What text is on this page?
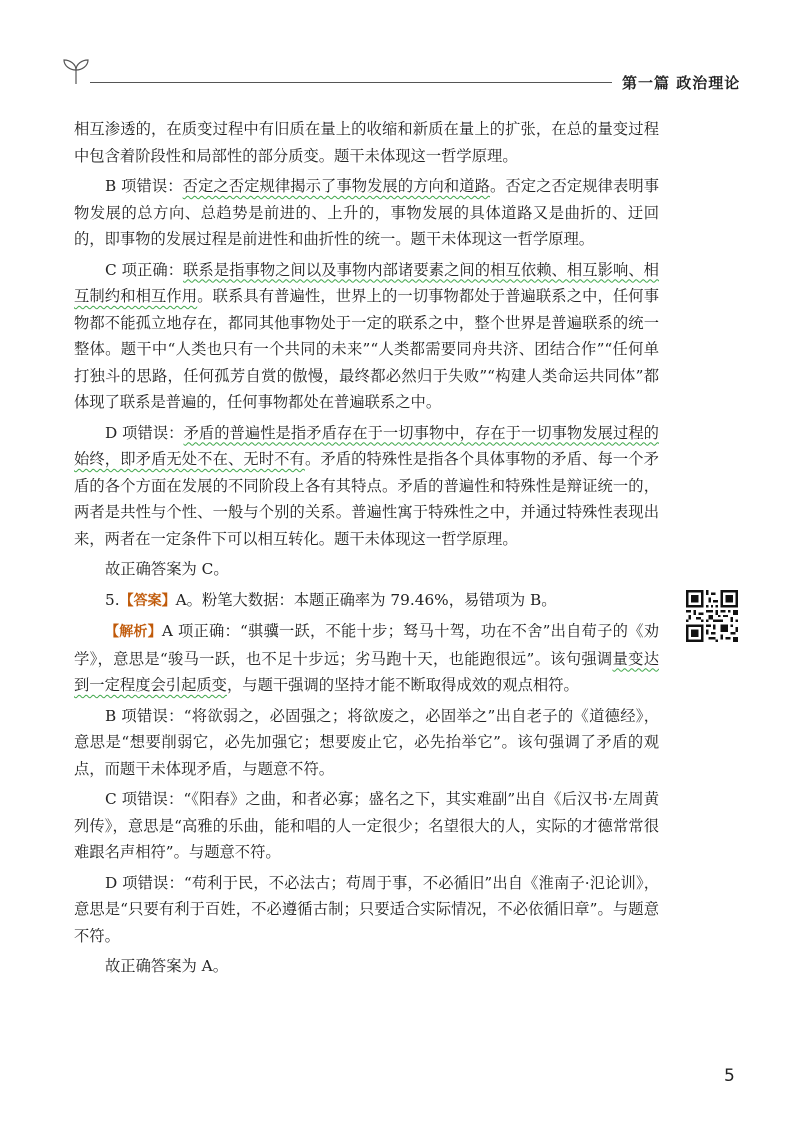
第一篇 政治理论

相互渗透的，在质变过程中有旧质在量上的收缩和新质在量上的扩张，在总的量变过程中包含着阶段性和局部性的部分质变。题干未体现这一哲学原理。

B 项错误：否定之否定规律揭示了事物发展的方向和道路。否定之否定规律表明事物发展的总方向、总趋势是前进的、上升的，事物发展的具体道路又是曲折的、迂回的，即事物的发展过程是前进性和曲折性的统一。题干未体现这一哲学原理。

C 项正确：联系是指事物之间以及事物内部诸要素之间的相互依赖、相互影响、相互制约和相互作用。联系具有普遍性，世界上的一切事物都处于普遍联系之中，任何事物都不能孤立地存在，都同其他事物处于一定的联系之中，整个世界是普遍联系的统一整体。题干中“人类也只有一个共同的未来”“人类都需要同舟共济、团结合作”“任何单打独斗的思路，任何孤芳自赏的傲慢，最终都必然归于失败”“构建人类命运共同体”都体现了联系是普遍的，任何事物都处在普遍联系之中。

D 项错误：矛盾的普遍性是指矛盾存在于一切事物中，存在于一切事物发展过程的始终，即矛盾无处不在、无时不有。矛盾的特殊性是指各个具体事物的矛盾、每一个矛盾的各个方面在发展的不同阶段上各有其特点。矛盾的普遍性和特殊性是辩证统一的，两者是共性与个性、一般与个别的关系。普遍性寓于特殊性之中，并通过特殊性表现出来，两者在一定条件下可以相互转化。题干未体现这一哲学原理。

故正确答案为 C。

5.【答案】A。粉笔大数据：本题正确率为 79.46%，易错项为 B。

【解析】A 项正确：“骐骥一跃，不能十步；驽马十驾，功在不舍”出自荀子的《劝学》，意思是“骏马一跃，也不足十步远；劣马跑十天，也能跑很远”。该句强调量变达到一定程度会引起质变，与题干强调的坚持才能不断取得成效的观点相符。

B 项错误：“将欲弱之，必固强之；将欲废之，必固举之”出自老子的《道德经》，意思是“想要削弱它，必先加强它；想要废止它，必先抬举它”。该句强调了矛盾的观点，而题干未体现矛盾，与题意不符。

C 项错误：“《阳春》之曲，和者必寡；盛名之下，其实难副”出自《后汉书·左周黄列传》，意思是“高雅的乐曲，能和唱的人一定很少；名望很大的人，实际的才德常常很难跟名声相符”。与题意不符。

D 项错误：“苟利于民，不必法古；苟周于事，不必循旧”出自《淮南子·氾论训》，意思是“只要有利于百姓，不必遵循古制；只要适合实际情况，不必依循旧章”。与题意不符。

故正确答案为 A。

5
